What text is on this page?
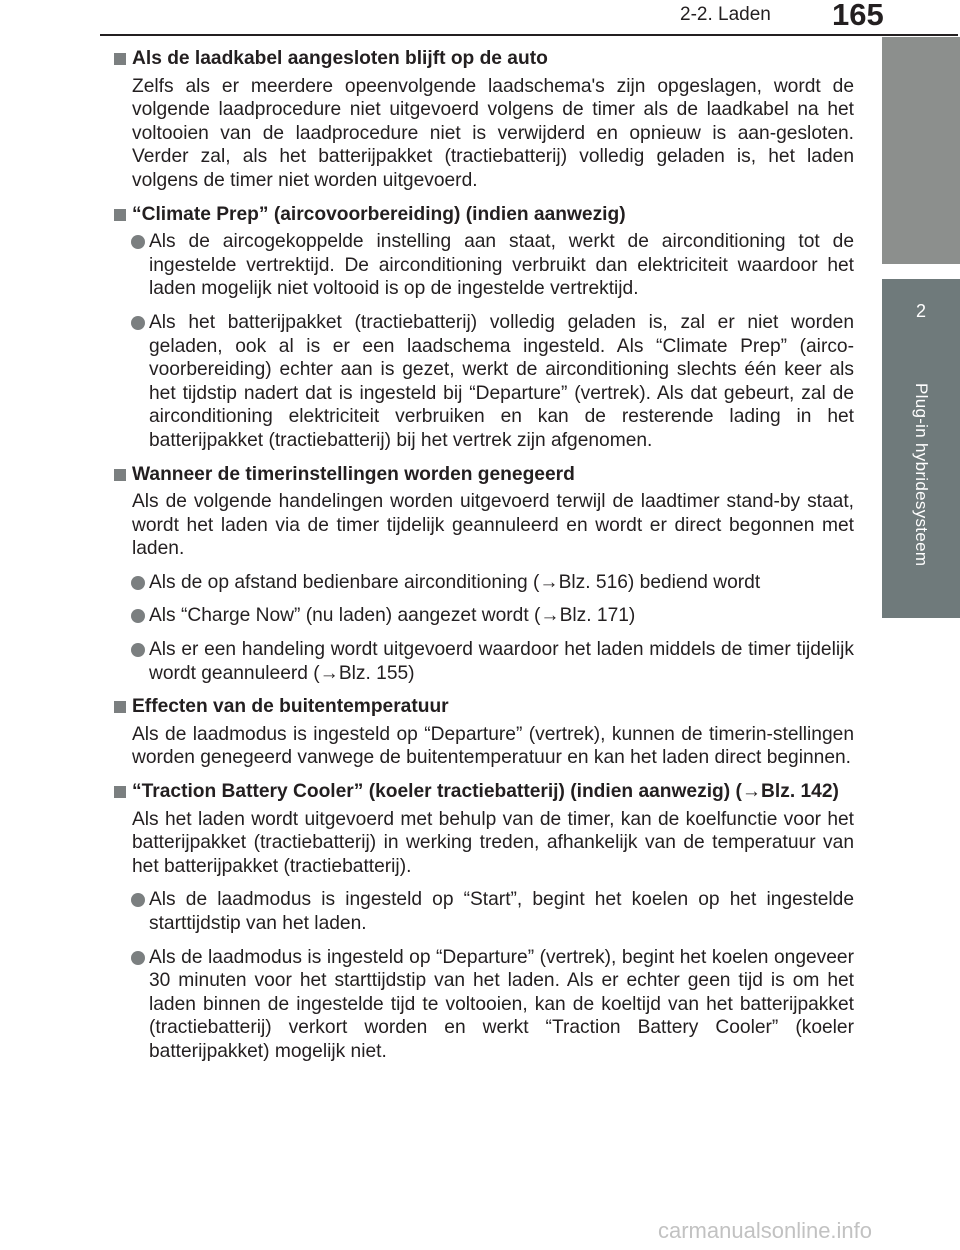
2-2. Laden 165
2
Plug-in hybridesysteem
Als de laadkabel aangesloten blijft op de auto
Zelfs als er meerdere opeenvolgende laadschema's zijn opgeslagen, wordt de volgende laadprocedure niet uitgevoerd volgens de timer als de laadkabel na het voltooien van de laadprocedure niet is verwijderd en opnieuw is aan-gesloten. Verder zal, als het batterijpakket (tractiebatterij) volledig geladen is, het laden volgens de timer niet worden uitgevoerd.
“Climate Prep” (aircovoorbereiding) (indien aanwezig)
Als de aircogekoppelde instelling aan staat, werkt de airconditioning tot de ingestelde vertrektijd. De airconditioning verbruikt dan elektriciteit waardoor het laden mogelijk niet voltooid is op de ingestelde vertrektijd.
Als het batterijpakket (tractiebatterij) volledig geladen is, zal er niet worden geladen, ook al is er een laadschema ingesteld. Als “Climate Prep” (airco-voorbereiding) echter aan is gezet, werkt de airconditioning slechts één keer als het tijdstip nadert dat is ingesteld bij “Departure” (vertrek). Als dat gebeurt, zal de airconditioning elektriciteit verbruiken en kan de resterende lading in het batterijpakket (tractiebatterij) bij het vertrek zijn afgenomen.
Wanneer de timerinstellingen worden genegeerd
Als de volgende handelingen worden uitgevoerd terwijl de laadtimer stand-by staat, wordt het laden via de timer tijdelijk geannuleerd en wordt er direct begonnen met laden.
Als de op afstand bedienbare airconditioning (→Blz. 516) bediend wordt
Als “Charge Now” (nu laden) aangezet wordt (→Blz. 171)
Als er een handeling wordt uitgevoerd waardoor het laden middels de timer tijdelijk wordt geannuleerd (→Blz. 155)
Effecten van de buitentemperatuur
Als de laadmodus is ingesteld op “Departure” (vertrek), kunnen de timerin-stellingen worden genegeerd vanwege de buitentemperatuur en kan het laden direct beginnen.
“Traction Battery Cooler” (koeler tractiebatterij) (indien aanwezig) (→Blz. 142)
Als het laden wordt uitgevoerd met behulp van de timer, kan de koelfunctie voor het batterijpakket (tractiebatterij) in werking treden, afhankelijk van de temperatuur van het batterijpakket (tractiebatterij).
Als de laadmodus is ingesteld op “Start”, begint het koelen op het ingestelde starttijdstip van het laden.
Als de laadmodus is ingesteld op “Departure” (vertrek), begint het koelen ongeveer 30 minuten voor het starttijdstip van het laden. Als er echter geen tijd is om het laden binnen de ingestelde tijd te voltooien, kan de koeltijd van het batterijpakket (tractiebatterij) verkort worden en werkt “Traction Battery Cooler” (koeler batterijpakket) mogelijk niet.
carmanualsonline.info
